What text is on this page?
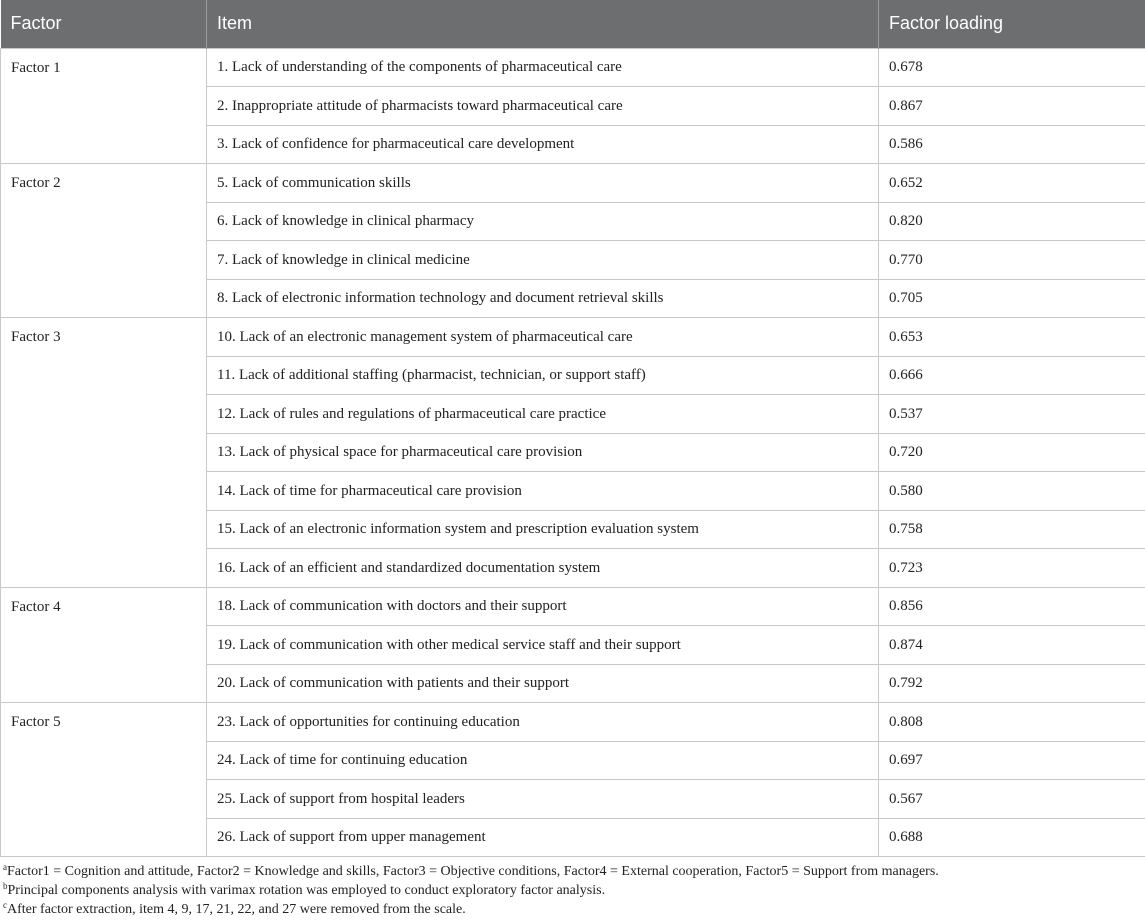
Factor	Item	Factor loading
Factor 1	1. Lack of understanding of the components of pharmaceutical care	0.678
	2. Inappropriate attitude of pharmacists toward pharmaceutical care	0.867
	3. Lack of confidence for pharmaceutical care development	0.586
Factor 2	5. Lack of communication skills	0.652
	6. Lack of knowledge in clinical pharmacy	0.820
	7. Lack of knowledge in clinical medicine	0.770
	8. Lack of electronic information technology and document retrieval skills	0.705
Factor 3	10. Lack of an electronic management system of pharmaceutical care	0.653
	11. Lack of additional staffing (pharmacist, technician, or support staff)	0.666
	12. Lack of rules and regulations of pharmaceutical care practice	0.537
	13. Lack of physical space for pharmaceutical care provision	0.720
	14. Lack of time for pharmaceutical care provision	0.580
	15. Lack of an electronic information system and prescription evaluation system	0.758
	16. Lack of an efficient and standardized documentation system	0.723
Factor 4	18. Lack of communication with doctors and their support	0.856
	19. Lack of communication with other medical service staff and their support	0.874
	20. Lack of communication with patients and their support	0.792
Factor 5	23. Lack of opportunities for continuing education	0.808
	24. Lack of time for continuing education	0.697
	25. Lack of support from hospital leaders	0.567
	26. Lack of support from upper management	0.688

$^a$Factor1 = Cognition and attitude, Factor2 = Knowledge and skills, Factor3 = Objective conditions, Factor4 = External cooperation, Factor5 = Support from managers.

$^b$Principal components analysis with varimax rotation was employed to conduct exploratory factor analysis.

$^c$After factor extraction, item 4, 9, 17, 21, 22, and 27 were removed from the scale.
